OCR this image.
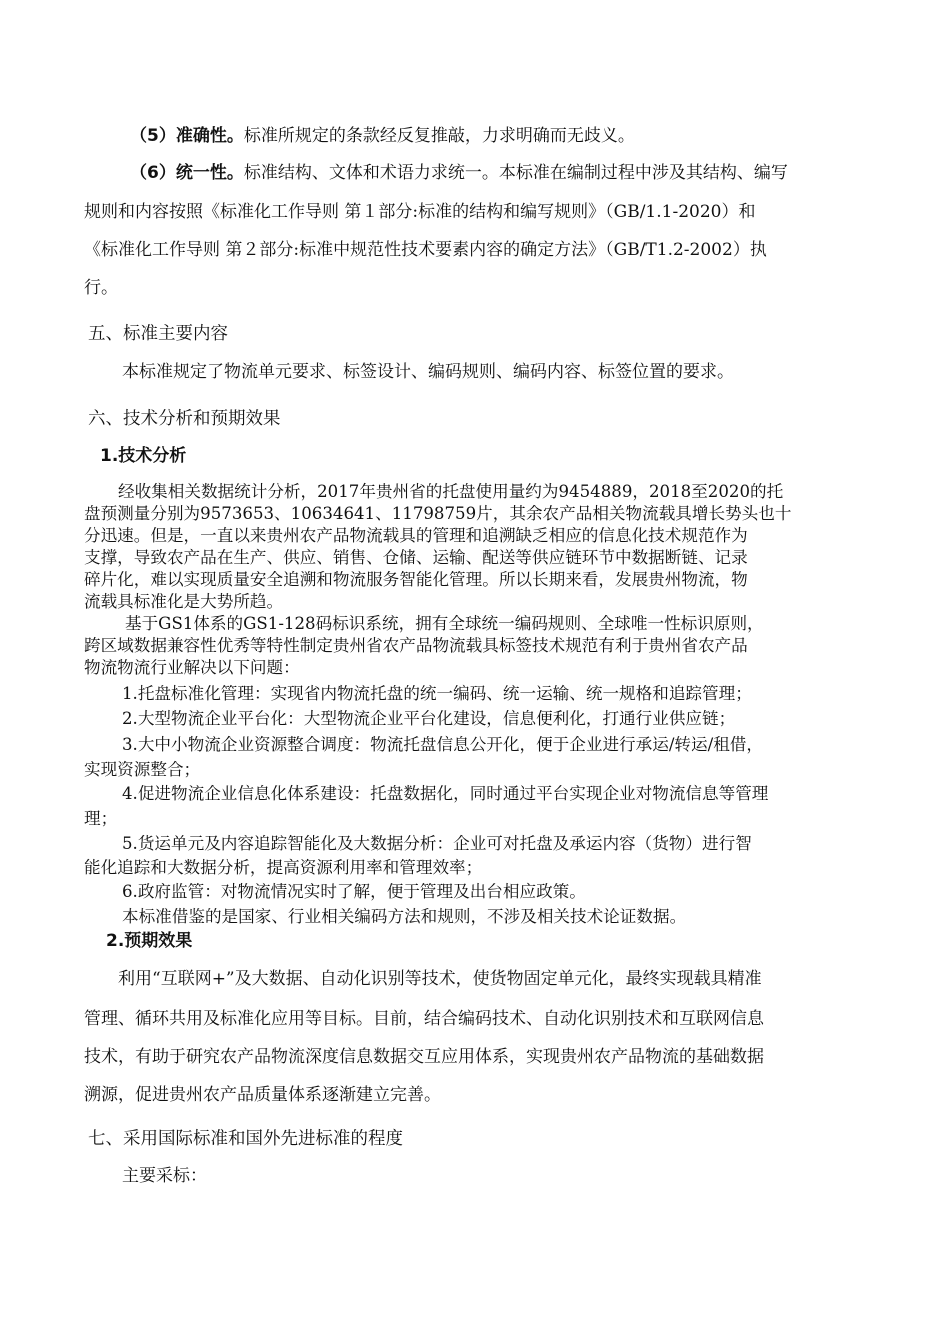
（5）准确性。标准所规定的条款经反复推敲，力求明确而无歧义。
（6）统一性。标准结构、文体和术语力求统一。本标准在编制过程中涉及其结构、编写
规则和内容按照《标准化工作导则 第１部分:标准的结构和编写规则》（GB/1.1-2020）和
《标准化工作导则 第２部分:标准中规范性技术要素内容的确定方法》（GB/T1.2-2002）执
行。
五、标准主要内容
本标准规定了物流单元要求、标签设计、编码规则、编码内容、标签位置的要求。
六、技术分析和预期效果
1.技术分析
经收集相关数据统计分析，2017年贵州省的托盘使用量约为9454889，2018至2020的托
盘预测量分别为9573653、10634641、11798759片，其余农产品相关物流载具增长势头也十
分迅速。但是，一直以来贵州农产品物流载具的管理和追溯缺乏相应的信息化技术规范作为
支撑，导致农产品在生产、供应、销售、仓储、运输、配送等供应链环节中数据断链、记录
碎片化，难以实现质量安全追溯和物流服务智能化管理。所以长期来看，发展贵州物流，物
流载具标准化是大势所趋。
基于GS1体系的GS1-128码标识系统，拥有全球统一编码规则、全球唯一性标识原则，
跨区域数据兼容性优秀等特性制定贵州省农产品物流载具标签技术规范有利于贵州省农产品
物流物流行业解决以下问题：
1.托盘标准化管理：实现省内物流托盘的统一编码、统一运输、统一规格和追踪管理；
2.大型物流企业平台化：大型物流企业平台化建设，信息便利化，打通行业供应链；
3.大中小物流企业资源整合调度：物流托盘信息公开化，便于企业进行承运/转运/租借，
实现资源整合；
4.促进物流企业信息化体系建设：托盘数据化，同时通过平台实现企业对物流信息等管理
理；
5.货运单元及内容追踪智能化及大数据分析：企业可对托盘及承运内容（货物）进行智
能化追踪和大数据分析，提高资源利用率和管理效率；
6.政府监管：对物流情况实时了解，便于管理及出台相应政策。
本标准借鉴的是国家、行业相关编码方法和规则，不涉及相关技术论证数据。
2.预期效果
利用“互联网+”及大数据、自动化识别等技术，使货物固定单元化，最终实现载具精准
管理、循环共用及标准化应用等目标。目前，结合编码技术、自动化识别技术和互联网信息
技术，有助于研究农产品物流深度信息数据交互应用体系，实现贵州农产品物流的基础数据
溯源，促进贵州农产品质量体系逐渐建立完善。
七、采用国际标准和国外先进标准的程度
主要采标：
